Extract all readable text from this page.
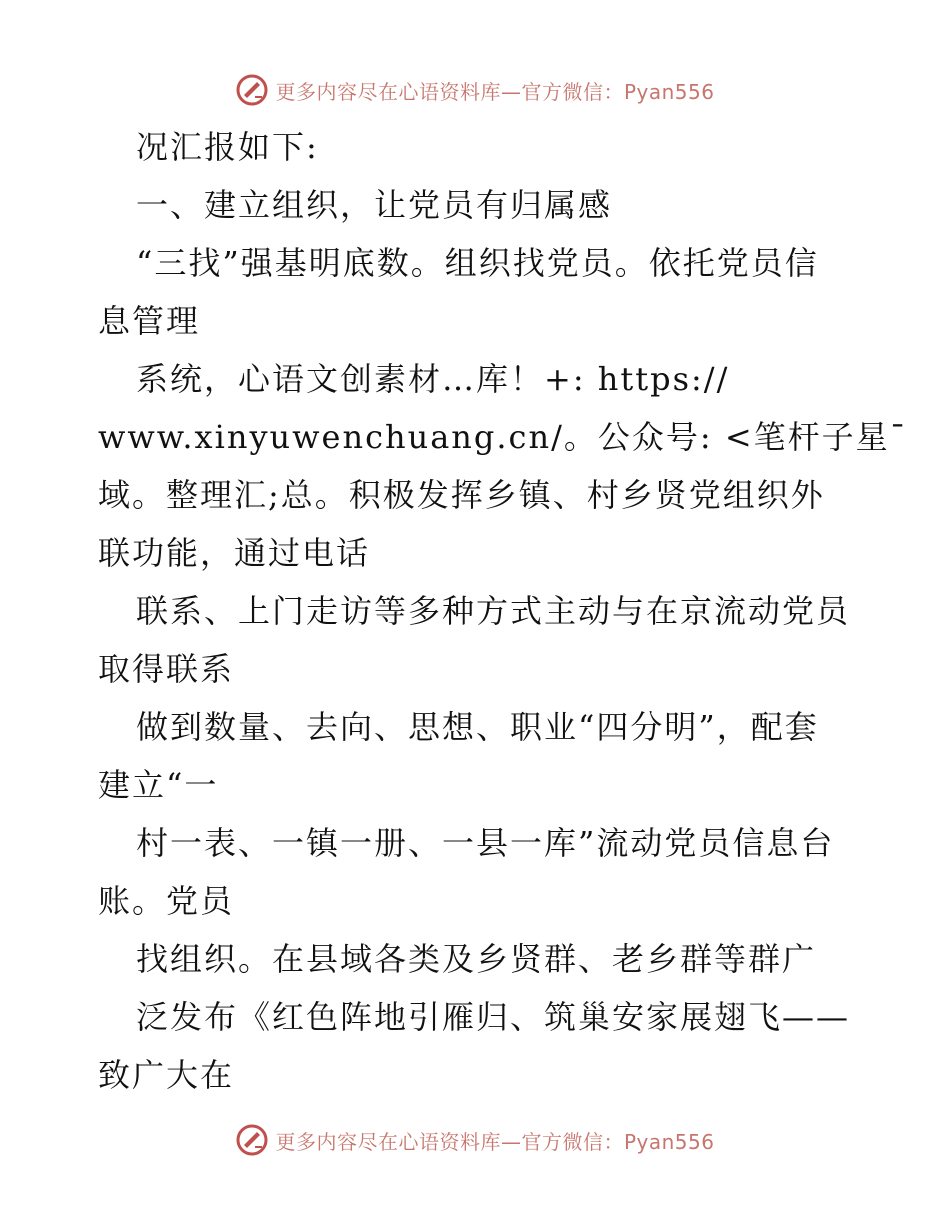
更多内容尽在心语资料库—官方微信：Pyan556
况汇报如下:
一、建立组织，让党员有归属感
“三找”强基明底数。组织找党员。依托党员信
息管理
系统，心语文创素材…库！+: https://
www.xinyuwenchuang.cn/。公众号: <笔杆子星¯
域。整理汇;总。积极发挥乡镇、村乡贤党组织外
联功能，通过电话
联系、上门走访等多种方式主动与在京流动党员
取得联系
做到数量、去向、思想、职业“四分明”，配套
建立“一
村一表、一镇一册、一县一库”流动党员信息台
账。党员
找组织。在县域各类及乡贤群、老乡群等群广
泛发布《红色阵地引雁归、筑巢安家展翅飞——
致广大在
更多内容尽在心语资料库—官方微信：Pyan556
